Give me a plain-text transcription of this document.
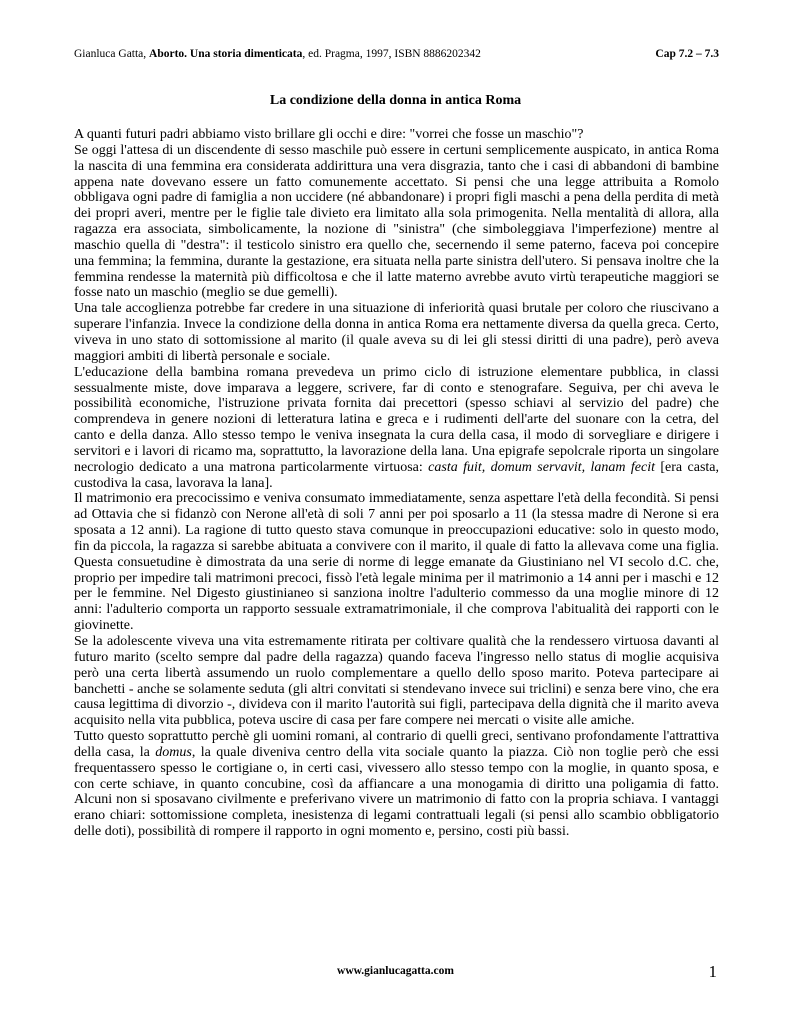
Gianluca Gatta, Aborto. Una storia dimenticata, ed. Pragma, 1997, ISBN 8886202342	Cap 7.2 – 7.3
La condizione della donna in antica Roma

A quanti futuri padri abbiamo visto brillare gli occhi e dire: "vorrei che fosse un maschio"?

Se oggi l'attesa di un discendente di sesso maschile può essere in certuni semplicemente auspicato, in antica Roma la nascita di una femmina era considerata addirittura una vera disgrazia, tanto che i casi di abbandoni di bambine appena nate dovevano essere un fatto comunemente accettato. Si pensi che una legge attribuita a Romolo obbligava ogni padre di famiglia a non uccidere (né abbandonare) i propri figli maschi a pena della perdita di metà dei propri averi, mentre per le figlie tale divieto era limitato alla sola primogenita. Nella mentalità di allora, alla ragazza era associata, simbolicamente, la nozione di "sinistra" (che simboleggiava l'imperfezione) mentre al maschio quella di "destra": il testicolo sinistro era quello che, secernendo il seme paterno, faceva poi concepire una femmina; la femmina, durante la gestazione, era situata nella parte sinistra dell'utero. Si pensava inoltre che la femmina rendesse la maternità più difficoltosa e che il latte materno avrebbe avuto virtù terapeutiche maggiori se fosse nato un maschio (meglio se due gemelli).

Una tale accoglienza potrebbe far credere in una situazione di inferiorità quasi brutale per coloro che riuscivano a superare l'infanzia. Invece la condizione della donna in antica Roma era nettamente diversa da quella greca. Certo, viveva in uno stato di sottomissione al marito (il quale aveva su di lei gli stessi diritti di una padre), però aveva maggiori ambiti di libertà personale e sociale.

L'educazione della bambina romana prevedeva un primo ciclo di istruzione elementare pubblica, in classi sessualmente miste, dove imparava a leggere, scrivere, far di conto e stenografare. Seguiva, per chi aveva le possibilità economiche, l'istruzione privata fornita dai precettori (spesso schiavi al servizio del padre) che comprendeva in genere nozioni di letteratura latina e greca e i rudimenti dell'arte del suonare con la cetra, del canto e della danza. Allo stesso tempo le veniva insegnata la cura della casa, il modo di sorvegliare e dirigere i servitori e i lavori di ricamo ma, soprattutto, la lavorazione della lana. Una epigrafe sepolcrale riporta un singolare necrologio dedicato a una matrona particolarmente virtuosa: casta fuit, domum servavit, lanam fecit [era casta, custodiva la casa, lavorava la lana].

Il matrimonio era precocissimo e veniva consumato immediatamente, senza aspettare l'età della fecondità. Si pensi ad Ottavia che si fidanzò con Nerone all'età di soli 7 anni per poi sposarlo a 11 (la stessa madre di Nerone si era sposata a 12 anni). La ragione di tutto questo stava comunque in preoccupazioni educative: solo in questo modo, fin da piccola, la ragazza si sarebbe abituata a convivere con il marito, il quale di fatto la allevava come una figlia. Questa consuetudine è dimostrata da una serie di norme di legge emanate da Giustiniano nel VI secolo d.C. che, proprio per impedire tali matrimoni precoci, fissò l'età legale minima per il matrimonio a 14 anni per i maschi e 12 per le femmine. Nel Digesto giustinianeo si sanziona inoltre l'adulterio commesso da una moglie minore di 12 anni: l'adulterio comporta un rapporto sessuale extramatrimoniale, il che comprova l'abitualità dei rapporti con le giovinette.

Se la adolescente viveva una vita estremamente ritirata per coltivare qualità che la rendessero virtuosa davanti al futuro marito (scelto sempre dal padre della ragazza) quando faceva l'ingresso nello status di moglie acquisiva però una certa libertà assumendo un ruolo complementare a quello dello sposo marito. Poteva partecipare ai banchetti - anche se solamente seduta (gli altri convitati si stendevano invece sui triclini) e senza bere vino, che era causa legittima di divorzio -, divideva con il marito l'autorità sui figli, partecipava della dignità che il marito aveva acquisito nella vita pubblica, poteva uscire di casa per fare compere nei mercati o visite alle amiche.

Tutto questo soprattutto perchè gli uomini romani, al contrario di quelli greci, sentivano profondamente l'attrattiva della casa, la domus, la quale diveniva centro della vita sociale quanto la piazza. Ciò non toglie però che essi frequentassero spesso le cortigiane o, in certi casi, vivessero allo stesso tempo con la moglie, in quanto sposa, e con certe schiave, in quanto concubine, così da affiancare a una monogamia di diritto una poligamia di fatto. Alcuni non si sposavano civilmente e preferivano vivere un matrimonio di fatto con la propria schiava. I vantaggi erano chiari: sottomissione completa, inesistenza di legami contrattuali legali (si pensi allo scambio obbligatorio delle doti), possibilità di rompere il rapporto in ogni momento e, persino, costi più bassi.

www.gianlucagatta.com	1
